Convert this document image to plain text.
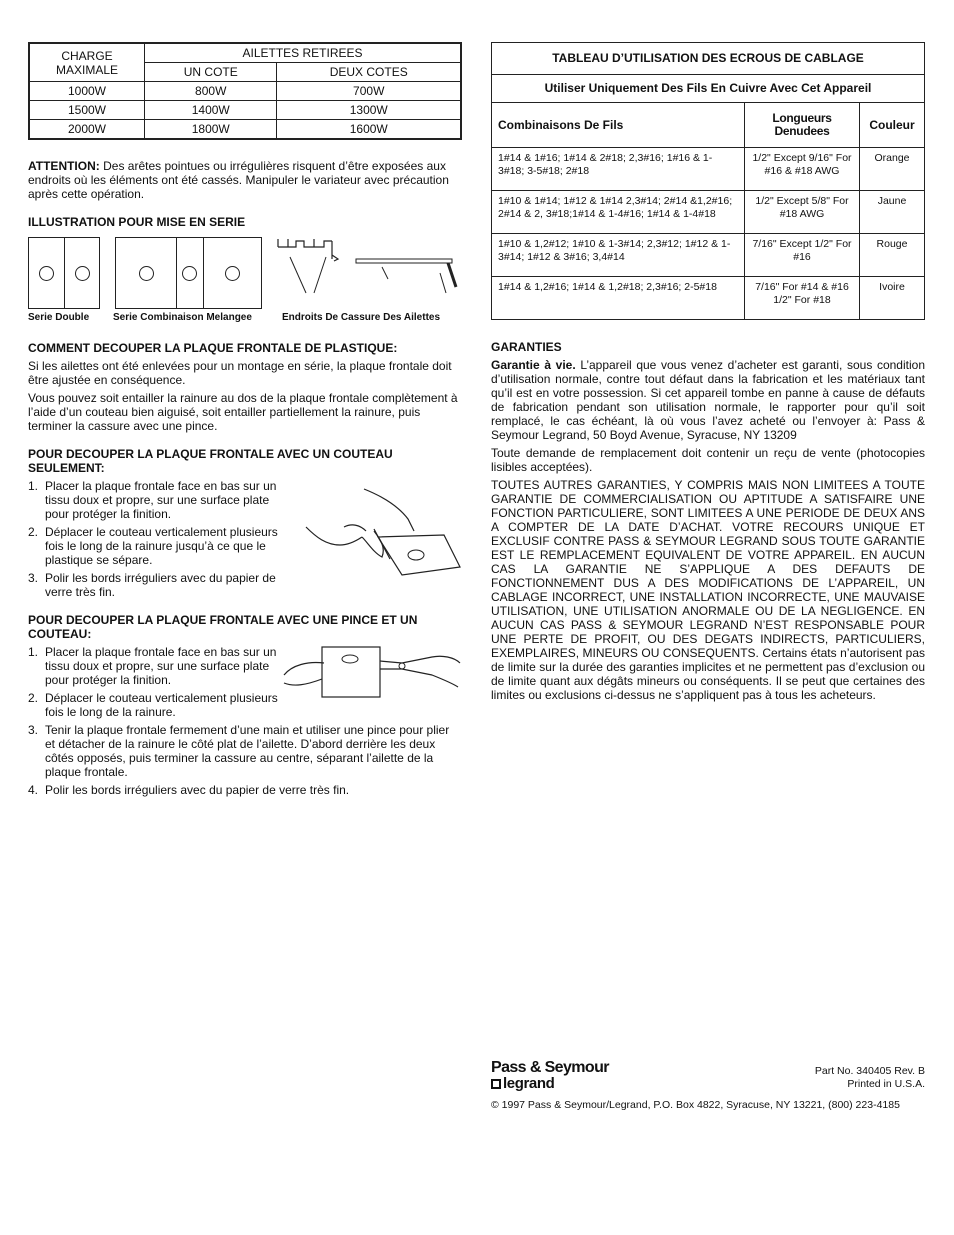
CHARGE MAXIMALE	AILETTES RETIREES	
	UN COTE	DEUX COTES
1000W	800W	700W
1500W	1400W	1300W
2000W	1800W	1600W

ATTENTION: Des arêtes pointues ou irrégulières risquent d’être exposées aux endroits où les éléments ont été cassés. Manipuler le variateur avec précaution après cette opération.

ILLUSTRATION POUR MISE EN SERIE
Serie Double	Serie Combinaison Melangee	Endroits De Cassure Des Ailettes
COMMENT DECOUPER LA PLAQUE FRONTALE DE PLASTIQUE:

Si les ailettes ont été enlevées pour un montage en série, la plaque frontale doit être ajustée en conséquence.

Vous pouvez soit entailler la rainure au dos de la plaque frontale complètement à l’aide d’un couteau bien aiguisé, soit entailler partiellement la rainure, puis terminer la cassure avec une pince.

POUR DECOUPER LA PLAQUE FRONTALE AVEC UN COUTEAU SEULEMENT:
1. Placer la plaque frontale face en bas sur un tissu doux et propre, sur une surface plate pour protéger la finition.
2. Déplacer le couteau verticalement plusieurs fois le long de la rainure jusqu’à ce que le plastique se sépare.
3. Polir les bords irréguliers avec du papier de verre très fin.
POUR DECOUPER LA PLAQUE FRONTALE AVEC UNE PINCE ET UN COUTEAU:
1. Placer la plaque frontale face en bas sur un tissu doux et propre, sur une surface plate pour protéger la finition.
2. Déplacer le couteau verticalement plusieurs fois le long de la rainure.
3. Tenir la plaque frontale fermement d’une main et utiliser une pince pour plier et détacher de la rainure le côté plat de l’ailette. D’abord derrière les deux côtés opposés, puis terminer la cassure au centre, séparant l’ailette de la plaque frontale.
4. Polir les bords irréguliers avec du papier de verre très fin.
TABLEAU D’UTILISATION DES ECROUS DE CABLAGE		
Utiliser Uniquement Des Fils En Cuivre Avec Cet Appareil		
Combinaisons De Fils	Longueurs Denudees	Couleur
1#14 & 1#16; 1#14 & 2#18; 2,3#16; 1#16 & 1-3#18; 3-5#18; 2#18	1/2" Except 9/16" For #16 & #18 AWG	Orange
1#10 & 1#14; 1#12 & 1#14 2,3#14; 2#14 &1,2#16; 2#14 & 2, 3#18;1#14 & 1-4#16; 1#14 & 1-4#18	1/2" Except 5/8" For #18 AWG	Jaune
1#10 & 1,2#12; 1#10 & 1-3#14; 2,3#12; 1#12 & 1-3#14; 1#12 & 3#16; 3,4#14	7/16" Except 1/2" For #16	Rouge
1#14 & 1,2#16; 1#14 & 1,2#18; 2,3#16; 2-5#18	7/16" For #14 & #16 1/2" For #18	Ivoire
GARANTIES

Garantie à vie. L’appareil que vous venez d’acheter est garanti, sous condition d’utilisation normale, contre tout défaut dans la fabrication et les matériaux tant qu’il est en votre possession. Si cet appareil tombe en panne à cause de défauts de fabrication pendant son utilisation normale, le rapporter pour qu’il soit remplacé, le cas échéant, là où vous l’avez acheté ou l’envoyer à: Pass & Seymour Legrand, 50 Boyd Avenue, Syracuse, NY 13209

Toute demande de remplacement doit contenir un reçu de vente (photocopies lisibles acceptées).

TOUTES AUTRES GARANTIES, Y COMPRIS MAIS NON LIMITEES A TOUTE GARANTIE DE COMMERCIALISATION OU APTITUDE A SATISFAIRE UNE FONCTION PARTICULIERE, SONT LIMITEES A UNE PERIODE DE DEUX ANS A COMPTER DE LA DATE D’ACHAT. VOTRE RECOURS UNIQUE ET EXCLUSIF CONTRE PASS & SEYMOUR LEGRAND SOUS TOUTE GARANTIE EST LE REMPLACEMENT EQUIVALENT DE VOTRE APPAREIL. EN AUCUN CAS LA GARANTIE NE S’APPLIQUE A DES DEFAUTS DE FONCTIONNEMENT DUS A DES MODIFICATIONS DE L’APPAREIL, UN CABLAGE INCORRECT, UNE INSTALLATION INCORRECTE, UNE MAUVAISE UTILISATION, UNE UTILISATION ANORMALE OU DE LA NEGLIGENCE. EN AUCUN CAS PASS & SEYMOUR LEGRAND N’EST RESPONSABLE POUR UNE PERTE DE PROFIT, OU DES DEGATS INDIRECTS, PARTICULIERS, EXEMPLAIRES, MINEURS OU CONSEQUENTS. Certains états n’autorisent pas de limite sur la durée des garanties implicites et ne permettent pas d’exclusion ou de limite quant aux dégâts mineurs ou conséquents. Il se peut que certaines des limites ou exclusions ci-dessus ne s’appliquent pas à tous les acheteurs.

Pass & Seymour
legrand
Part No. 340405 Rev. B
Printed in U.S.A.
© 1997 Pass & Seymour/Legrand, P.O. Box 4822, Syracuse, NY 13221, (800) 223-4185
